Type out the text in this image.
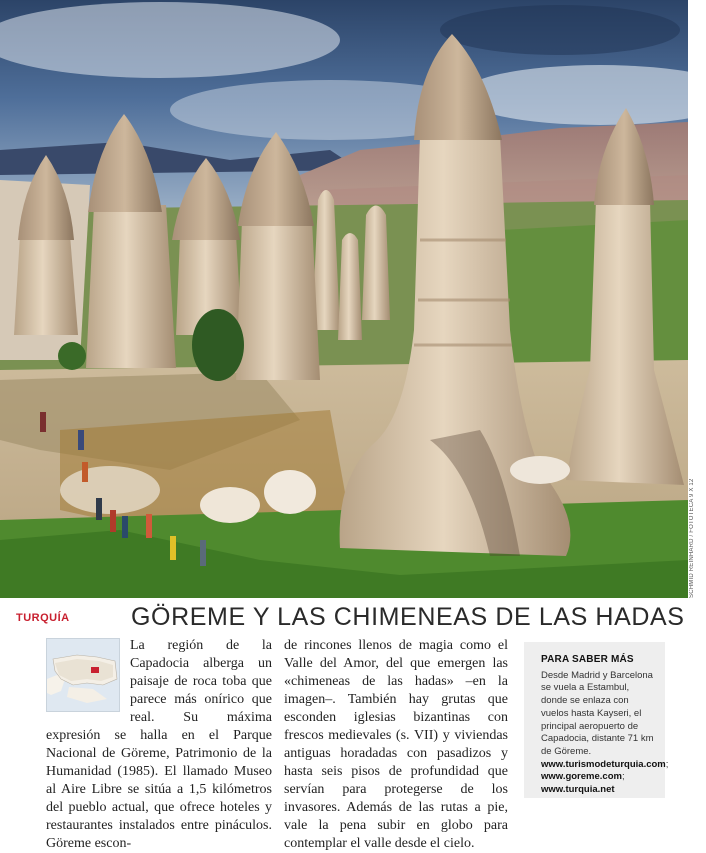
SCHMID REINHARD / FOTOTECA 9 X 12
TURQUÍA GÖREME Y LAS CHIMENEAS DE LAS HADAS

La región de la Capadocia alberga un paisaje de roca toba que parece más onírico que real. Su máxima expresión se halla en el Parque Nacional de Göreme, Patrimonio de la Humanidad (1985). El llamado Museo al Aire Libre se sitúa a 1,5 kilómetros del pueblo actual, que ofrece hoteles y restaurantes instalados entre pináculos. Göreme escon-

de rincones llenos de magia como el Valle del Amor, del que emergen las «chimeneas de las hadas» –en la imagen–. También hay grutas que esconden iglesias bizantinas con frescos medievales (s. VII) y viviendas antiguas horadadas con pasadizos y hasta seis pisos de profundidad que servían para protegerse de los invasores. Además de las rutas a pie, vale la pena subir en globo para contemplar el valle desde el cielo.

PARA SABER MÁS
Desde Madrid y Barcelona se vuela a Estambul, donde se enlaza con vuelos hasta Kayseri, el principal aeropuerto de Capadocia, distante 71 km de Göreme. www.turismodeturquia.com; www.goreme.com; www.turquia.net
